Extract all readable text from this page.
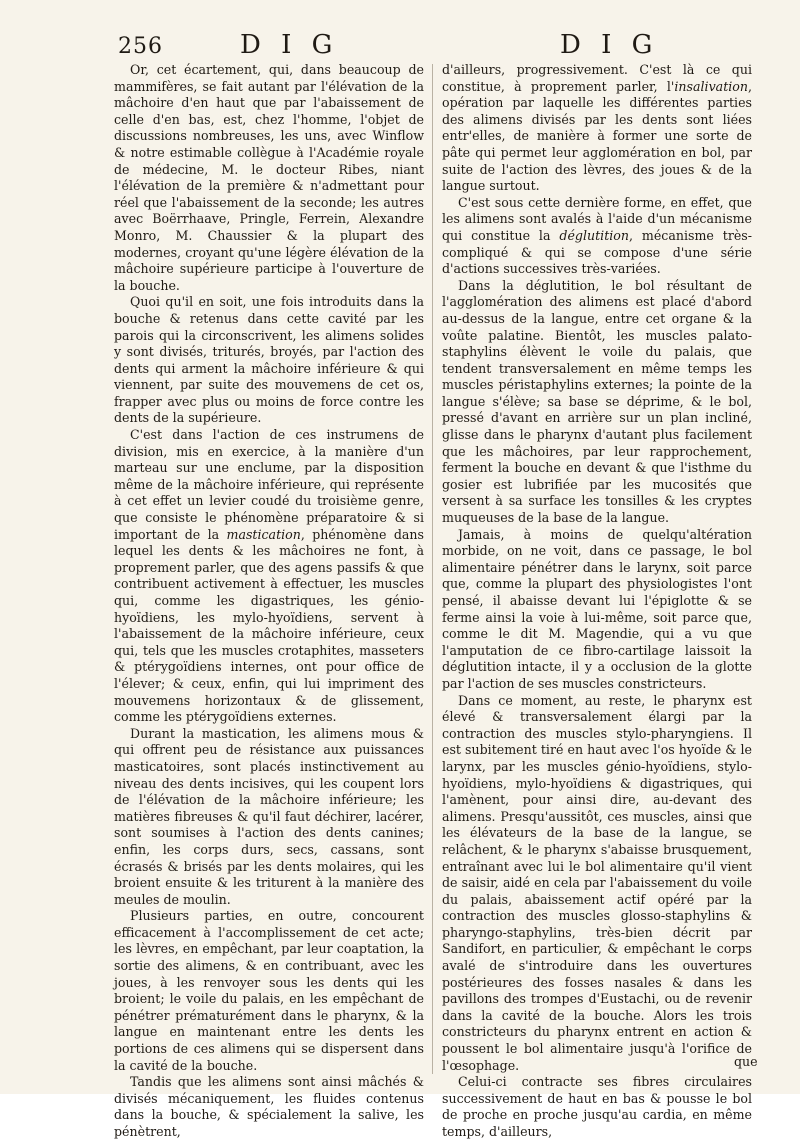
256	D I G	D I G

Or, cet écartement, qui, dans beaucoup de mammifères, se fait autant par l'élévation de la mâchoire d'en haut que par l'abaissement de celle d'en bas, est, chez l'homme, l'objet de discussions nombreuses, les uns, avec Winflow & notre estimable collègue à l'Académie royale de médecine, M. le docteur Ribes, niant l'élévation de la première & n'admettant pour réel que l'abaissement de la seconde; les autres avec Boërrhaave, Pringle, Ferrein, Alexandre Monro, M. Chaussier & la plupart des modernes, croyant qu'une légère élévation de la mâchoire supérieure participe à l'ouverture de la bouche.

Quoi qu'il en soit, une fois introduits dans la bouche & retenus dans cette cavité par les parois qui la circonscrivent, les alimens solides y sont divisés, triturés, broyés, par l'action des dents qui arment la mâchoire inférieure & qui viennent, par suite des mouvemens de cet os, frapper avec plus ou moins de force contre les dents de la supérieure.

C'est dans l'action de ces instrumens de division, mis en exercice, à la manière d'un marteau sur une enclume, par la disposition même de la mâchoire inférieure, qui représente à cet effet un levier coudé du troisième genre, que consiste le phénomène préparatoire & si important de la mastication, phénomène dans lequel les dents & les mâchoires ne font, à proprement parler, que des agens passifs & que contribuent activement à effectuer, les muscles qui, comme les digastriques, les génio-hyoïdiens, les mylo-hyoïdiens, servent à l'abaissement de la mâchoire inférieure, ceux qui, tels que les muscles crotaphites, masseters & ptérygoïdiens internes, ont pour office de l'élever; & ceux, enfin, qui lui impriment des mouvemens horizontaux & de glissement, comme les ptérygoïdiens externes.

Durant la mastication, les alimens mous & qui offrent peu de résistance aux puissances masticatoires, sont placés instinctivement au niveau des dents incisives, qui les coupent lors de l'élévation de la mâchoire inférieure; les matières fibreuses & qu'il faut déchirer, lacérer, sont soumises à l'action des dents canines; enfin, les corps durs, secs, cassans, sont écrasés & brisés par les dents molaires, qui les broient ensuite & les triturent à la manière des meules de moulin.

Plusieurs parties, en outre, concourent efficacement à l'accomplissement de cet acte; les lèvres, en empêchant, par leur coaptation, la sortie des alimens, & en contribuant, avec les joues, à les renvoyer sous les dents qui les broient; le voile du palais, en les empêchant de pénétrer prématurément dans le pharynx, & la langue en maintenant entre les dents les portions de ces alimens qui se dispersent dans la cavité de la bouche.

Tandis que les alimens sont ainsi mâchés & divisés mécaniquement, les fluides contenus dans la bouche, & spécialement la salive, les pénètrent,

d'ailleurs, progressivement. C'est là ce qui constitue, à proprement parler, l'insalivation, opération par laquelle les différentes parties des alimens divisés par les dents sont liées entr'elles, de manière à former une sorte de pâte qui permet leur agglomération en bol, par suite de l'action des lèvres, des joues & de la langue surtout.

C'est sous cette dernière forme, en effet, que les alimens sont avalés à l'aide d'un mécanisme qui constitue la déglutition, mécanisme très-compliqué & qui se compose d'une série d'actions successives très-variées.

Dans la déglutition, le bol résultant de l'agglomération des alimens est placé d'abord au-dessus de la langue, entre cet organe & la voûte palatine. Bientôt, les muscles palato-staphylins élèvent le voile du palais, que tendent transversalement en même temps les muscles péristaphylins externes; la pointe de la langue s'élève; sa base se déprime, & le bol, pressé d'avant en arrière sur un plan incliné, glisse dans le pharynx d'autant plus facilement que les mâchoires, par leur rapprochement, ferment la bouche en devant & que l'isthme du gosier est lubrifiée par les mucosités que versent à sa surface les tonsilles & les cryptes muqueuses de la base de la langue.

Jamais, à moins de quelqu'altération morbide, on ne voit, dans ce passage, le bol alimentaire pénétrer dans le larynx, soit parce que, comme la plupart des physiologistes l'ont pensé, il abaisse devant lui l'épiglotte & se ferme ainsi la voie à lui-même, soit parce que, comme le dit M. Magendie, qui a vu que l'amputation de ce fibro-cartilage laissoit la déglutition intacte, il y a occlusion de la glotte par l'action de ses muscles constricteurs.

Dans ce moment, au reste, le pharynx est élevé & transversalement élargi par la contraction des muscles stylo-pharyngiens. Il est subitement tiré en haut avec l'os hyoïde & le larynx, par les muscles génio-hyoïdiens, stylo-hyoïdiens, mylo-hyoïdiens & digastriques, qui l'amènent, pour ainsi dire, au-devant des alimens. Presqu'aussitôt, ces muscles, ainsi que les élévateurs de la base de la langue, se relâchent, & le pharynx s'abaisse brusquement, entraînant avec lui le bol alimentaire qu'il vient de saisir, aidé en cela par l'abaissement du voile du palais, abaissement actif opéré par la contraction des muscles glosso-staphylins & pharyngo-staphylins, très-bien décrit par Sandifort, en particulier, & empêchant le corps avalé de s'introduire dans les ouvertures postérieures des fosses nasales & dans les pavillons des trompes d'Eustachi, ou de revenir dans la cavité de la bouche. Alors les trois constricteurs du pharynx entrent en action & poussent le bol alimentaire jusqu'à l'orifice de l'œsophage.

Celui-ci contracte ses fibres circulaires successivement de haut en bas & pousse le bol de proche en proche jusqu'au cardia, en même temps, d'ailleurs,

que
